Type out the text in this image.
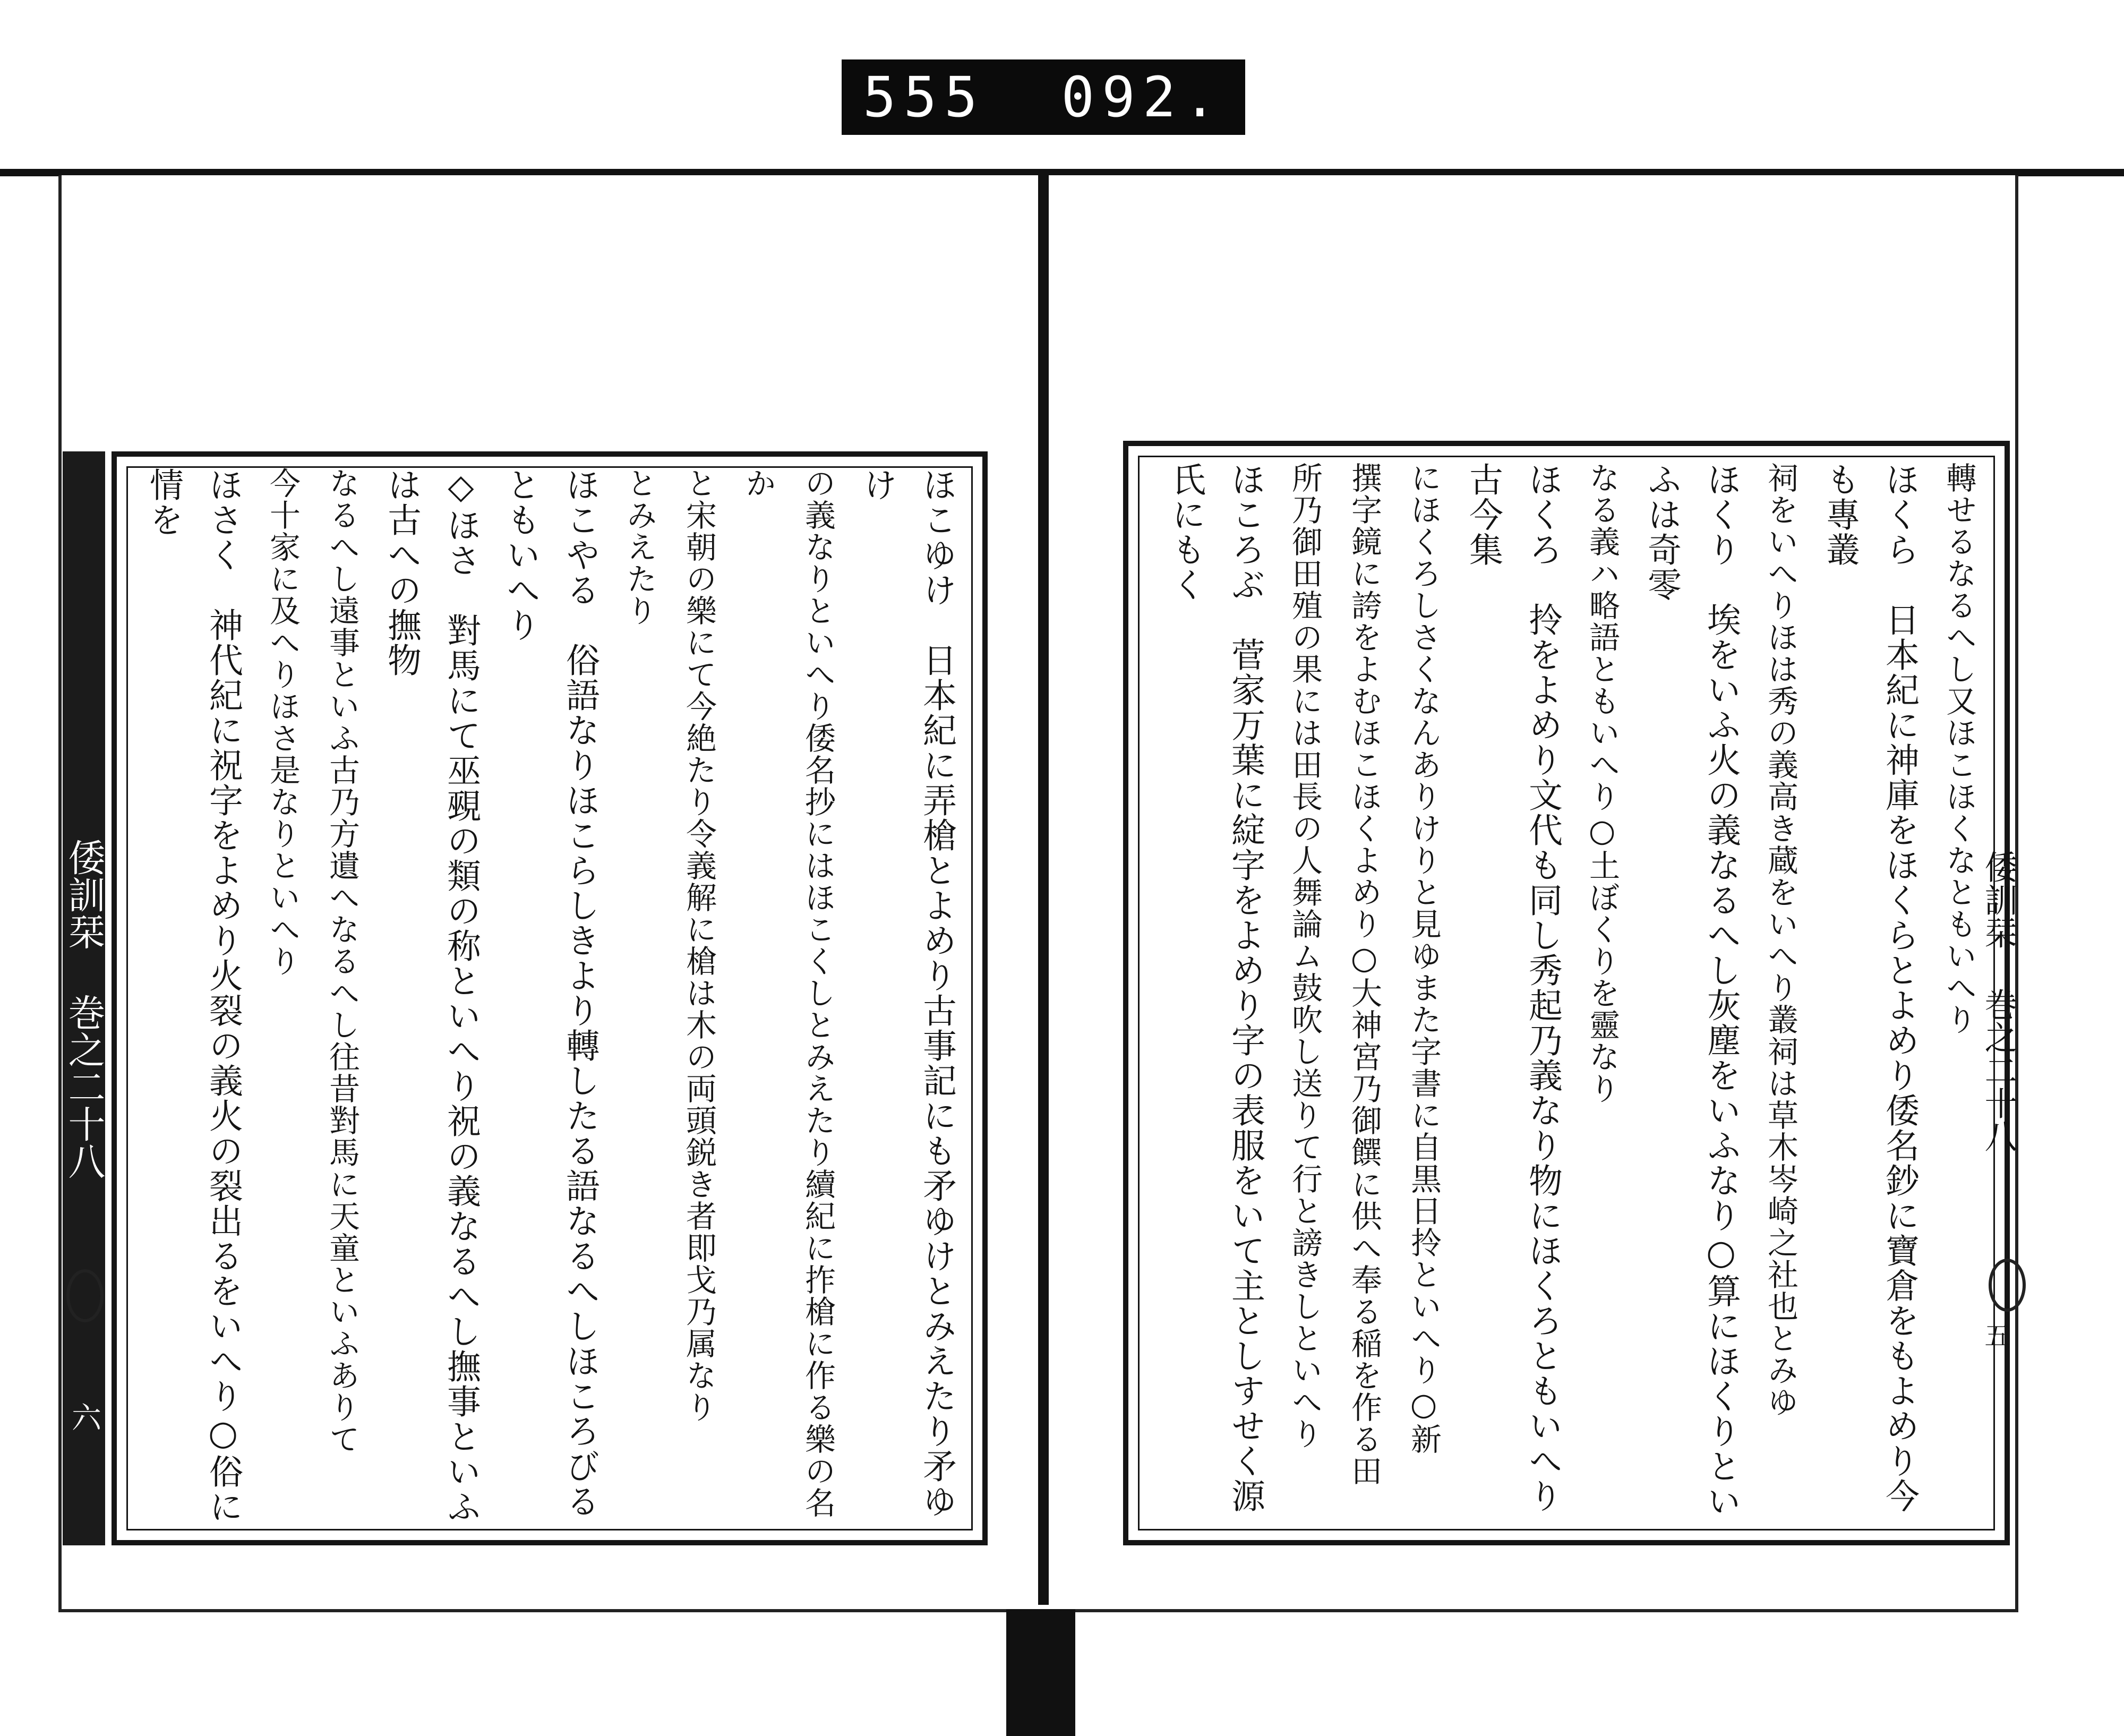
555 092.
倭訓栞 巻之二十八
六
倭訓栞 巻之二十八
五
ほこゆけ　日本紀に弄槍とよめり古事記にも矛ゆけとみえたり矛ゆけ
の義なりといへり倭名抄にはほこくしとみえたり續紀に拃槍に作る樂の名か
と宋朝の樂にて今絶たり令義解に槍は木の両頭鋭き者即戈乃属なり
とみえたり
ほこやる　俗語なりほこらしきより轉したる語なるへしほころびるともいへり
◇ほさ　對馬にて巫覡の類の称といへり祝の義なるへし撫事といふは古への撫物
なるへし遠事といふ古乃方遺へなるへし往昔對馬に天童といふありて
今十家に及へりほさ是なりといへり
ほさく　神代紀に祝字をよめり火裂の義火の裂出るをいへり○俗に情を	轉せるなるへし又ほこほくなともいへり
ほくら　日本紀に神庫をほくらとよめり倭名鈔に寶倉をもよめり今も專叢
祠をいへりほは秀の義高き蔵をいへり叢祠は草木岑崎之社也とみゆ
ほくり　埃をいふ火の義なるへし灰塵をいふなり○算にほくりといふは奇零
なる義ハ略語ともいへり○土ぼくりを靈なり
ほくろ　拎をよめり文代も同し秀起乃義なり物にほくろともいへり古今集
にほくろしさくなんありけりと見ゆまた字書に自黒日拎といへり○新
撰字鏡に誇をよむほこほくよめり○大神宮乃御饌に供へ奉る稲を作る田
所乃御田殖の果には田長の人舞論ム鼓吹し送りて行と謗きしといへり
ほころぶ　菅家万葉に綻字をよめり字の表服をいて主としすせく源氏にもく
